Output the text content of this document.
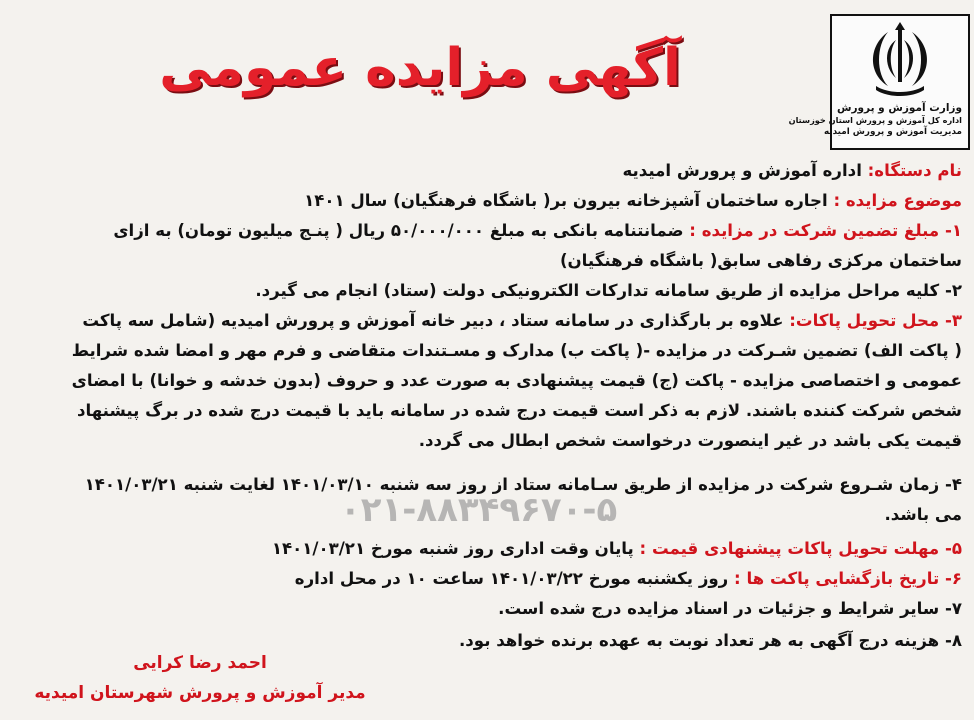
آگهی مزایده عمومی
وزارت آموزش و پرورش
اداره کل آموزش و پرورش استان خوزستان
مدیریت آموزش و پرورش امیدیه
۰۲۱-۸۸۳۴۹۶۷۰-۵
نام دستگاه: اداره آموزش و پرورش امیدیه
موضوع مزایده : اجاره ساختمان آشپزخانه بیرون بر( باشگاه فرهنگیان) سال ۱۴۰۱
۱- مبلغ تضمین شرکت در مزایده : ضمانتنامه بانکی به مبلغ ۵۰/۰۰۰/۰۰۰ ریال ( پنـج میلیون تومان) به ازای
ساختمان مرکزی رفاهی سابق( باشگاه فرهنگیان)
۲- کلیه مراحل مزایده از طریق سامانه تدارکات الکترونیکی دولت (ستاد) انجام می گیرد.
۳- محل تحویل پاکات: علاوه بر بارگذاری در سامانه ستاد ، دبیر خانه آموزش و پرورش امیدیه (شامل سه پاکت
( پاکت الف) تضمین شـرکت در مزایده -( پاکت ب) مدارک و مسـتندات متقاضی و فرم مهر و امضا شده شرایط
عمومی و اختصاصی مزایده - پاکت (ج) قیمت پیشنهادی به صورت عدد و حروف (بدون خدشه و خوانا) با امضای
شخص شرکت کننده باشند. لازم به ذکر است قیمت درج شده در سامانه باید با قیمت درج شده در برگ پیشنهاد
قیمت یکی باشد در غیر اینصورت درخواست شخص ابطال می گردد.
۴- زمان شـروع شرکت در مزایده از طریق سـامانه ستاد از روز سه شنبه ۱۴۰۱/۰۳/۱۰ لغایت شنبه ۱۴۰۱/۰۳/۲۱
می باشد.
۵- مهلت تحویل پاکات پیشنهادی قیمت : پایان وقت اداری روز شنبه مورخ ۱۴۰۱/۰۳/۲۱
۶- تاریخ بازگشایی پاکت ها : روز یکشنبه مورخ ۱۴۰۱/۰۳/۲۲ ساعت ۱۰ در محل اداره
۷- سایر شرایط و جزئیات در اسناد مزایده درج شده است.
۸- هزینه درج آگهی به هر تعداد نوبت به عهده برنده خواهد بود.
احمد رضا کرایی
مدیر آموزش و پرورش شهرستان امیدیه
